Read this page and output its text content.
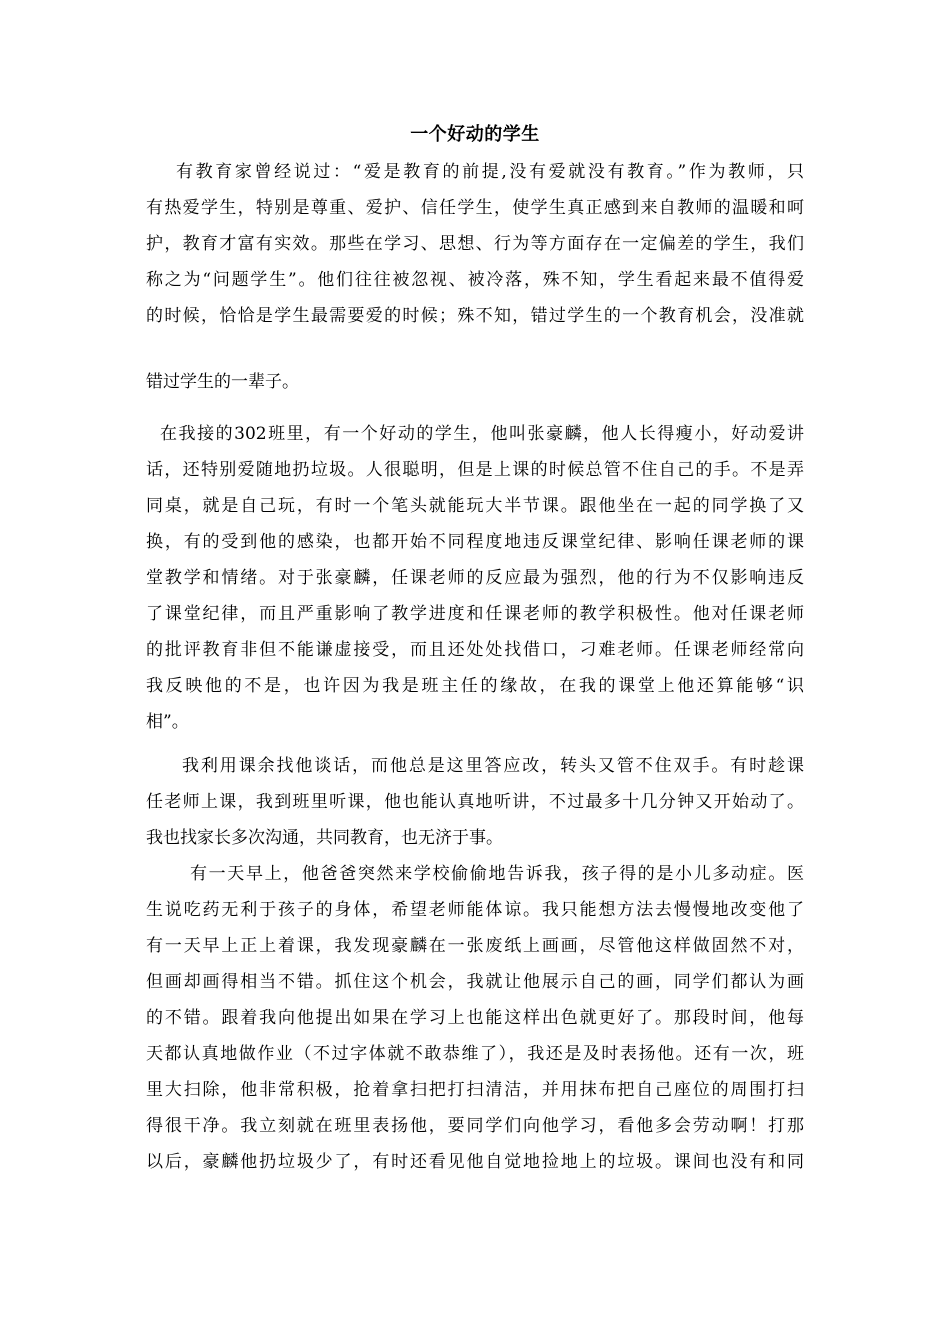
一个好动的学生
有教育家曾经说过：“爱是教育的前提,没有爱就没有教育。”作为教师，只
有热爱学生，特别是尊重、爱护、信任学生，使学生真正感到来自教师的温暖和呵
护，教育才富有实效。那些在学习、思想、行为等方面存在一定偏差的学生，我们
称之为“问题学生”。他们往往被忽视、被冷落，殊不知，学生看起来最不值得爱
的时候，恰恰是学生最需要爱的时候；殊不知，错过学生的一个教育机会，没准就
错过学生的一辈子。
在我接的302班里，有一个好动的学生，他叫张豪麟，他人长得瘦小，好动爱讲
话，还特别爱随地扔垃圾。人很聪明，但是上课的时候总管不住自己的手。不是弄
同桌，就是自己玩，有时一个笔头就能玩大半节课。跟他坐在一起的同学换了又
换，有的受到他的感染，也都开始不同程度地违反课堂纪律、影响任课老师的课
堂教学和情绪。对于张豪麟，任课老师的反应最为强烈，他的行为不仅影响违反
了课堂纪律，而且严重影响了教学进度和任课老师的教学积极性。他对任课老师
的批评教育非但不能谦虚接受，而且还处处找借口，刁难老师。任课老师经常向
我反映他的不是，也许因为我是班主任的缘故，在我的课堂上他还算能够“识
相”。
我利用课余找他谈话，而他总是这里答应改，转头又管不住双手。有时趁课
任老师上课，我到班里听课，他也能认真地听讲，不过最多十几分钟又开始动了。
我也找家长多次沟通，共同教育，也无济于事。
有一天早上，他爸爸突然来学校偷偷地告诉我，孩子得的是小儿多动症。医
生说吃药无利于孩子的身体，希望老师能体谅。我只能想方法去慢慢地改变他了
有一天早上正上着课，我发现豪麟在一张废纸上画画，尽管他这样做固然不对，
但画却画得相当不错。抓住这个机会，我就让他展示自己的画，同学们都认为画
的不错。跟着我向他提出如果在学习上也能这样出色就更好了。那段时间，他每
天都认真地做作业（不过字体就不敢恭维了），我还是及时表扬他。还有一次，班
里大扫除，他非常积极，抢着拿扫把打扫清洁，并用抹布把自己座位的周围打扫
得很干净。我立刻就在班里表扬他，要同学们向他学习，看他多会劳动啊！打那
以后，豪麟他扔垃圾少了，有时还看见他自觉地捡地上的垃圾。课间也没有和同
